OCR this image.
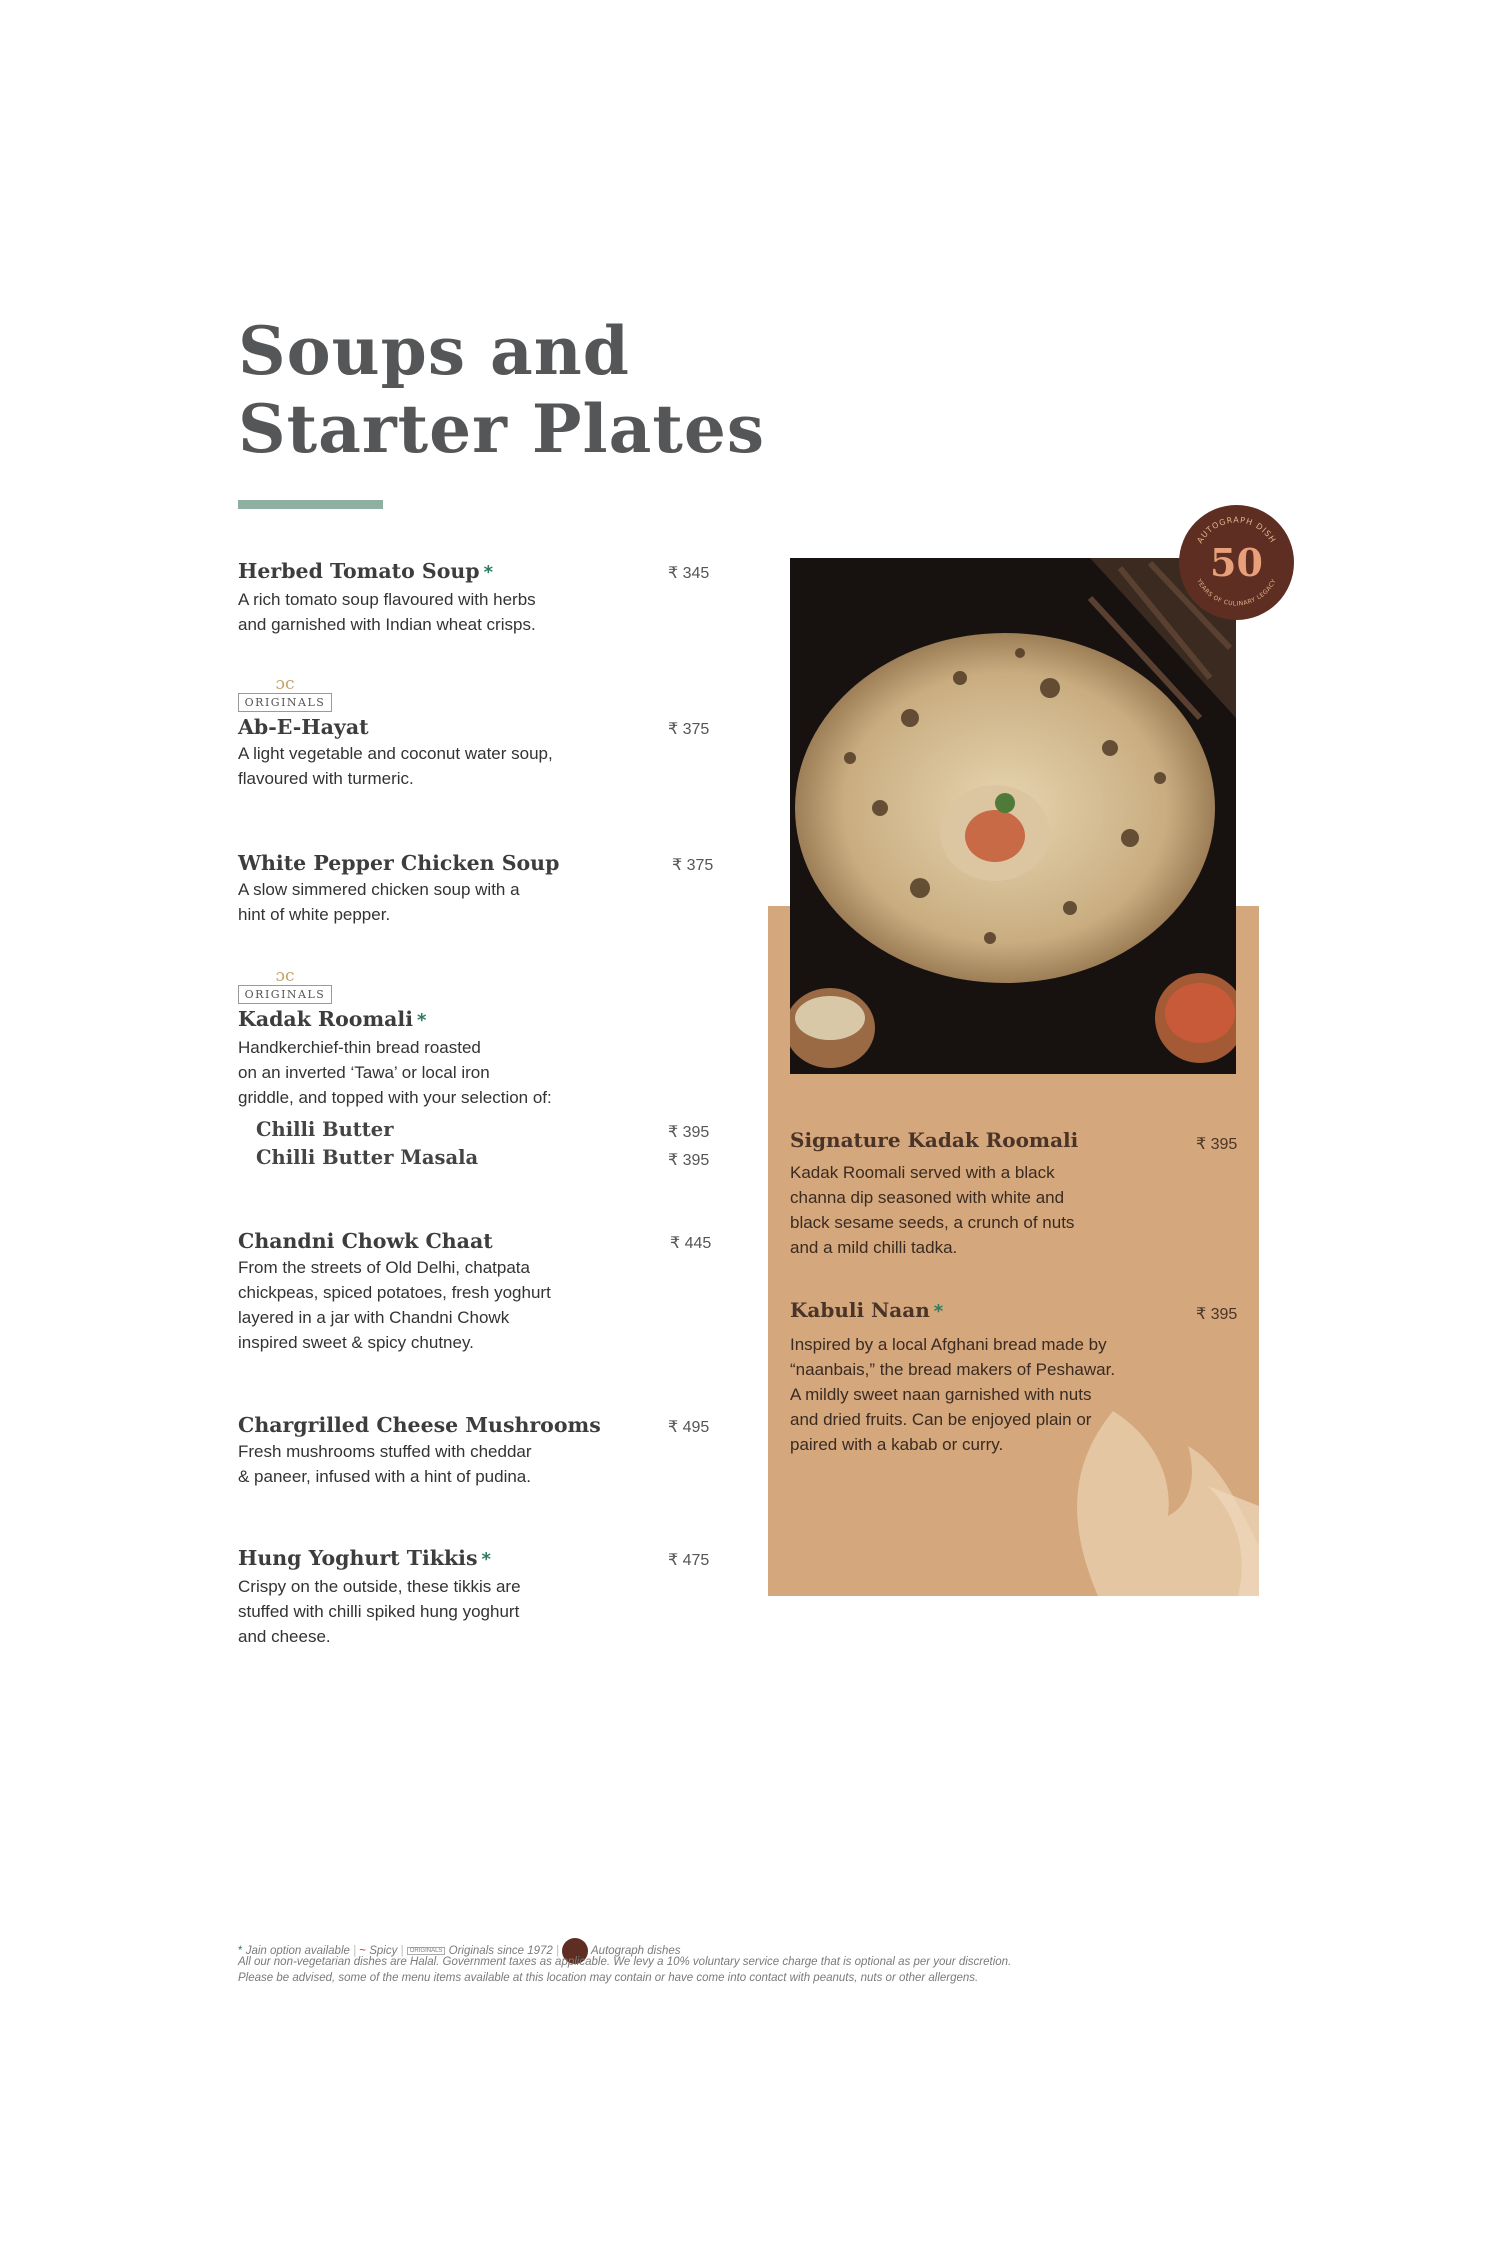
Soups and
Starter Plates
Herbed Tomato Soup *
A rich tomato soup flavoured with herbs
and garnished with Indian wheat crisps.
₹ 345
ɔc
ORIGINALS
Ab-E-Hayat
A light vegetable and coconut water soup,
flavoured with turmeric.
₹ 375
White Pepper Chicken Soup
A slow simmered chicken soup with a
hint of white pepper.
₹ 375
ɔc
ORIGINALS
Kadak Roomali *
Handkerchief-thin bread roasted
on an inverted ‘Tawa’ or local iron
griddle, and topped with your selection of:
Chilli Butter	₹ 395
Chilli Butter Masala	₹ 395
Chandni Chowk Chaat
From the streets of Old Delhi, chatpata
chickpeas, spiced potatoes, fresh yoghurt
layered in a jar with Chandni Chowk
inspired sweet & spicy chutney.
₹ 445
Chargrilled Cheese Mushrooms
Fresh mushrooms stuffed with cheddar
& paneer, infused with a hint of pudina.
₹ 495
Hung Yoghurt Tikkis *
Crispy on the outside, these tikkis are
stuffed with chilli spiked hung yoghurt
and cheese.
₹ 475
AUTOGRAPH DISH
50
YEARS OF CULINARY LEGACY
Signature Kadak Roomali	₹ 395
Kadak Roomali served with a black
channa dip seasoned with white and
black sesame seeds, a crunch of nuts
and a mild chilli tadka.
Kabuli Naan *	₹ 395
Inspired by a local Afghani bread made by
“naanbais,” the bread makers of Peshawar.
A mildly sweet naan garnished with nuts
and dried fruits. Can be enjoyed plain or
paired with a kabab or curry.
* Jain option available | ~ Spicy | ORIGINALS Originals since 1972 |	Autograph dishes
All our non-vegetarian dishes are Halal. Government taxes as applicable. We levy a 10% voluntary service charge that is optional as per your discretion.
Please be advised, some of the menu items available at this location may contain or have come into contact with peanuts, nuts or other allergens.
